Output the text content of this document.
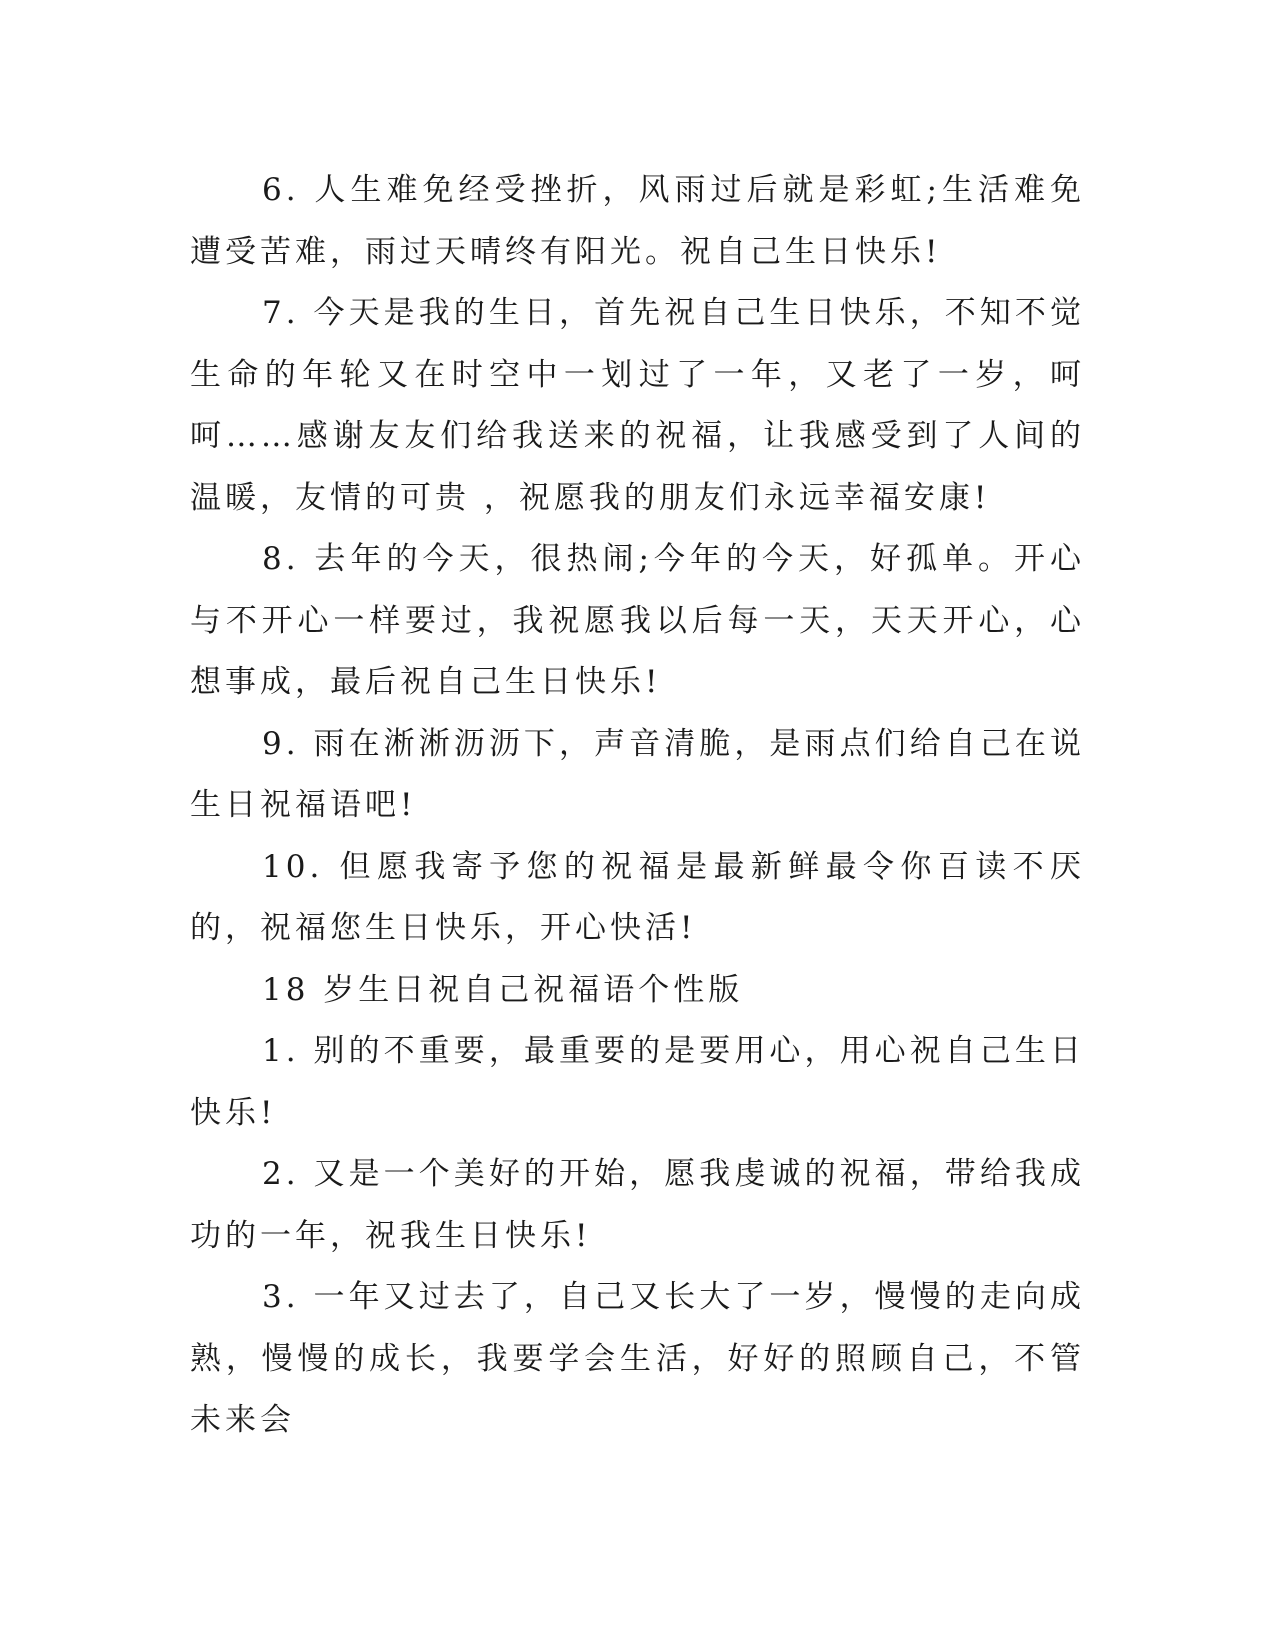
6. 人生难免经受挫折，风雨过后就是彩虹;生活难免遭受苦难，雨过天晴终有阳光。祝自己生日快乐!

7. 今天是我的生日，首先祝自己生日快乐，不知不觉生命的年轮又在时空中一划过了一年，又老了一岁，呵呵……感谢友友们给我送来的祝福，让我感受到了人间的温暖，友情的可贵 ，祝愿我的朋友们永远幸福安康!

8. 去年的今天，很热闹;今年的今天，好孤单。开心与不开心一样要过，我祝愿我以后每一天，天天开心，心想事成，最后祝自己生日快乐!

9. 雨在淅淅沥沥下，声音清脆，是雨点们给自己在说生日祝福语吧!

10. 但愿我寄予您的祝福是最新鲜最令你百读不厌的，祝福您生日快乐，开心快活!

18 岁生日祝自己祝福语个性版

1. 别的不重要，最重要的是要用心，用心祝自己生日快乐!

2. 又是一个美好的开始，愿我虔诚的祝福，带给我成功的一年，祝我生日快乐!

3. 一年又过去了，自己又长大了一岁，慢慢的走向成熟，慢慢的成长，我要学会生活，好好的照顾自己，不管未来会
